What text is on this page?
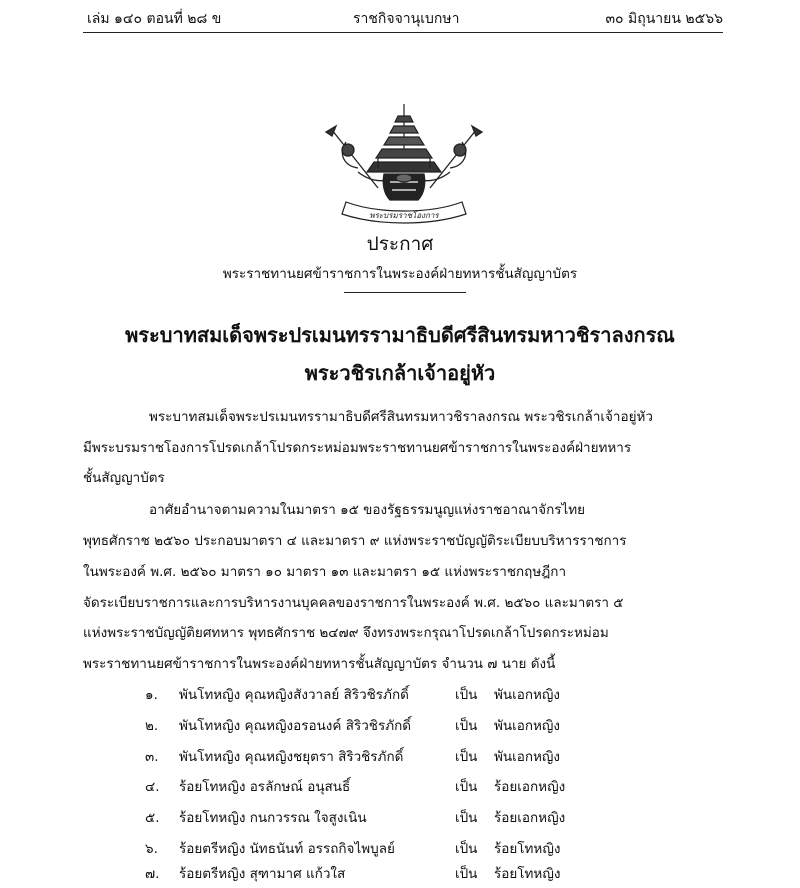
เล่ม ๑๔๐ ตอนที่ ๒๘ ข	ราชกิจจานุเบกษา	๓๐ มิถุนายน ๒๕๖๖
พระบรมราชโองการ
ประกาศ
พระราชทานยศข้าราชการในพระองค์ฝ่ายทหารชั้นสัญญาบัตร
พระบาทสมเด็จพระปรเมนทรรามาธิบดีศรีสินทรมหาวชิราลงกรณ
พระวชิรเกล้าเจ้าอยู่หัว
พระบาทสมเด็จพระปรเมนทรรามาธิบดีศรีสินทรมหาวชิราลงกรณ พระวชิรเกล้าเจ้าอยู่หัว
มีพระบรมราชโองการโปรดเกล้าโปรดกระหม่อมพระราชทานยศข้าราชการในพระองค์ฝ่ายทหาร
ชั้นสัญญาบัตร
อาศัยอำนาจตามความในมาตรา ๑๕ ของรัฐธรรมนูญแห่งราชอาณาจักรไทย
พุทธศักราช ๒๕๖๐ ประกอบมาตรา ๔ และมาตรา ๙ แห่งพระราชบัญญัติระเบียบบริหารราชการ
ในพระองค์ พ.ศ. ๒๕๖๐ มาตรา ๑๐ มาตรา ๑๓ และมาตรา ๑๕ แห่งพระราชกฤษฎีกา
จัดระเบียบราชการและการบริหารงานบุคคลของราชการในพระองค์ พ.ศ. ๒๕๖๐ และมาตรา ๕
แห่งพระราชบัญญัติยศทหาร พุทธศักราช ๒๔๗๙ จึงทรงพระกรุณาโปรดเกล้าโปรดกระหม่อม
พระราชทานยศข้าราชการในพระองค์ฝ่ายทหารชั้นสัญญาบัตร จำนวน ๗ นาย ดังนี้
๑. พันโทหญิง คุณหญิงสังวาลย์ สิริวชิรภักดิ์	เป็น พันเอกหญิง
๒. พันโทหญิง คุณหญิงอรอนงค์ สิริวชิรภักดิ์	เป็น พันเอกหญิง
๓. พันโทหญิง คุณหญิงชยุตรา สิริวชิรภักดิ์	เป็น พันเอกหญิง
๔. ร้อยโทหญิง อรลักษณ์ อนุสนธิ์	เป็น ร้อยเอกหญิง
๕. ร้อยโทหญิง กนกวรรณ ใจสูงเนิน	เป็น ร้อยเอกหญิง
๖. ร้อยตรีหญิง นัทธนันท์ อรรถกิจไพบูลย์	เป็น ร้อยโทหญิง
๗. ร้อยตรีหญิง สุฑามาศ แก้วใส	เป็น ร้อยโทหญิง
